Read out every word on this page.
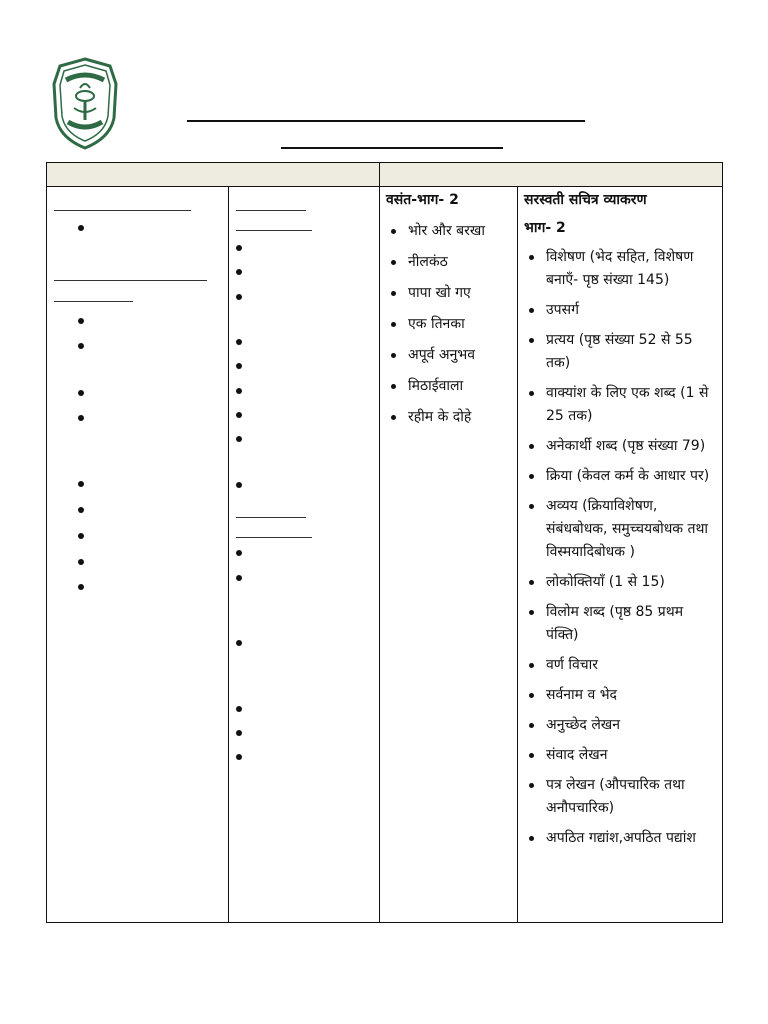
वसंत-भाग- 2
भोर और बरखा
नीलकंठ
पापा खो गए
एक तिनका
अपूर्व अनुभव
मिठाईवाला
रहीम के दोहे
सरस्वती सचित्र व्याकरण
भाग- 2
विशेषण (भेद सहित, विशेषण बनाएँ- पृष्ठ संख्या 145)
उपसर्ग
प्रत्यय (पृष्ठ संख्या 52 से 55 तक)
वाक्यांश के लिए एक शब्द (1 से 25 तक)
अनेकार्थी शब्द (पृष्ठ संख्या 79)
क्रिया (केवल कर्म के आधार पर)
अव्यय (क्रियाविशेषण, संबंधबोधक, समुच्चयबोधक तथा विस्मयादिबोधक )
लोकोक्तियाँ (1 से 15)
विलोम शब्द (पृष्ठ 85 प्रथम पंक्ति)
वर्ण विचार
सर्वनाम व भेद
अनुच्छेद लेखन
संवाद लेखन
पत्र लेखन (औपचारिक तथा अनौपचारिक)
अपठित गद्यांश,अपठित पद्यांश
